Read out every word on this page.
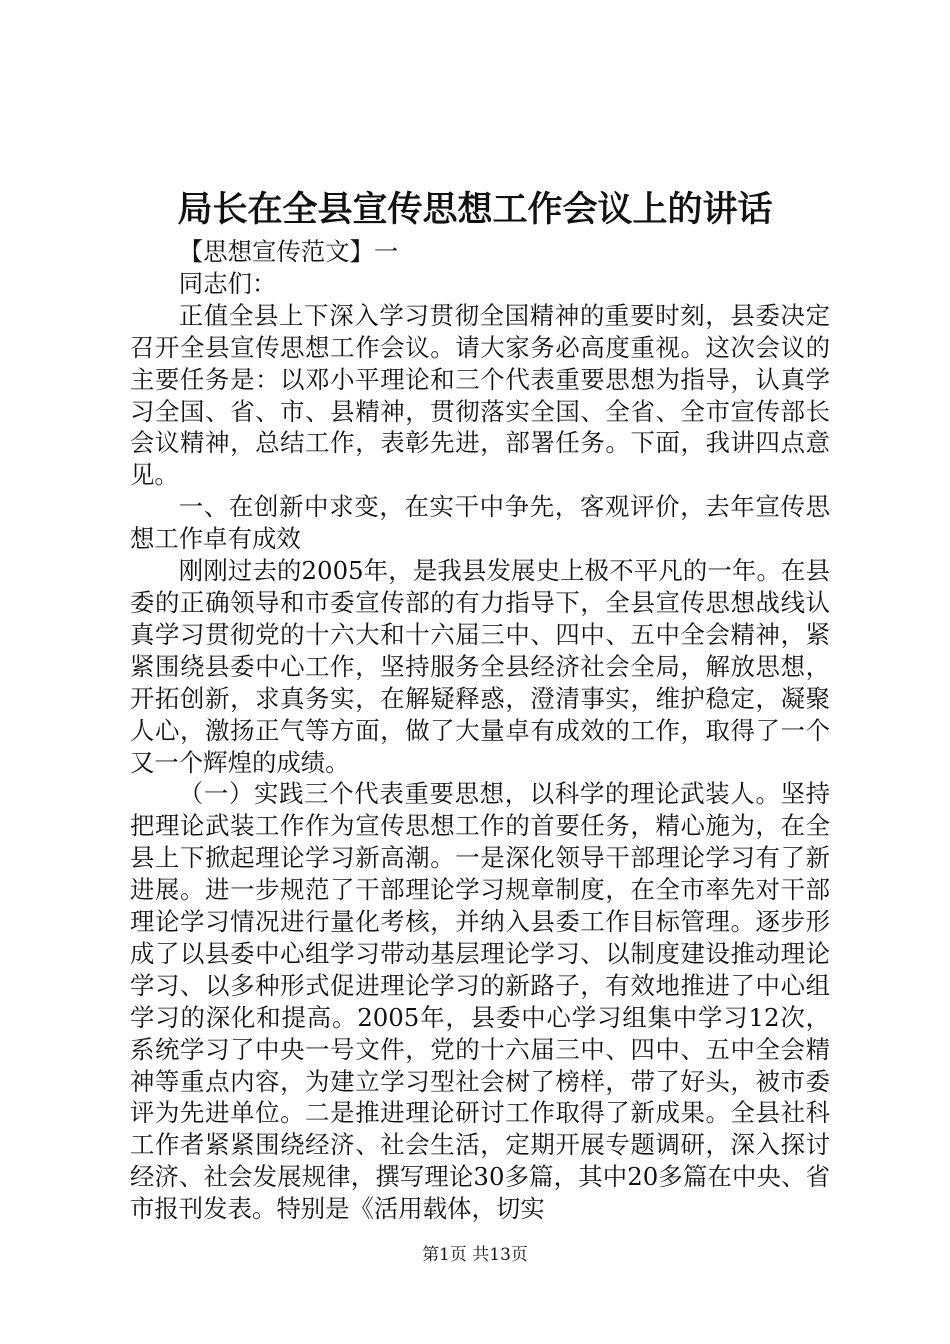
局长在全县宣传思想工作会议上的讲话

【思想宣传范文】一

同志们：

正值全县上下深入学习贯彻全国精神的重要时刻，县委决定召开全县宣传思想工作会议。请大家务必高度重视。这次会议的主要任务是：以邓小平理论和三个代表重要思想为指导，认真学习全国、省、市、县精神，贯彻落实全国、全省、全市宣传部长会议精神，总结工作，表彰先进，部署任务。下面，我讲四点意见。

一、在创新中求变，在实干中争先，客观评价，去年宣传思想工作卓有成效

刚刚过去的2005年，是我县发展史上极不平凡的一年。在县委的正确领导和市委宣传部的有力指导下，全县宣传思想战线认真学习贯彻党的十六大和十六届三中、四中、五中全会精神，紧紧围绕县委中心工作，坚持服务全县经济社会全局，解放思想，开拓创新，求真务实，在解疑释惑，澄清事实，维护稳定，凝聚人心，激扬正气等方面，做了大量卓有成效的工作，取得了一个又一个辉煌的成绩。

（一）实践三个代表重要思想，以科学的理论武装人。坚持把理论武装工作作为宣传思想工作的首要任务，精心施为，在全县上下掀起理论学习新高潮。一是深化领导干部理论学习有了新进展。进一步规范了干部理论学习规章制度，在全市率先对干部理论学习情况进行量化考核，并纳入县委工作目标管理。逐步形成了以县委中心组学习带动基层理论学习、以制度建设推动理论学习、以多种形式促进理论学习的新路子，有效地推进了中心组学习的深化和提高。2005年，县委中心学习组集中学习12次，系统学习了中央一号文件，党的十六届三中、四中、五中全会精神等重点内容，为建立学习型社会树了榜样，带了好头，被市委评为先进单位。二是推进理论研讨工作取得了新成果。全县社科工作者紧紧围绕经济、社会生活，定期开展专题调研，深入探讨经济、社会发展规律，撰写理论30多篇，其中20多篇在中央、省市报刊发表。特别是《活用载体，切实

第1页 共13页
